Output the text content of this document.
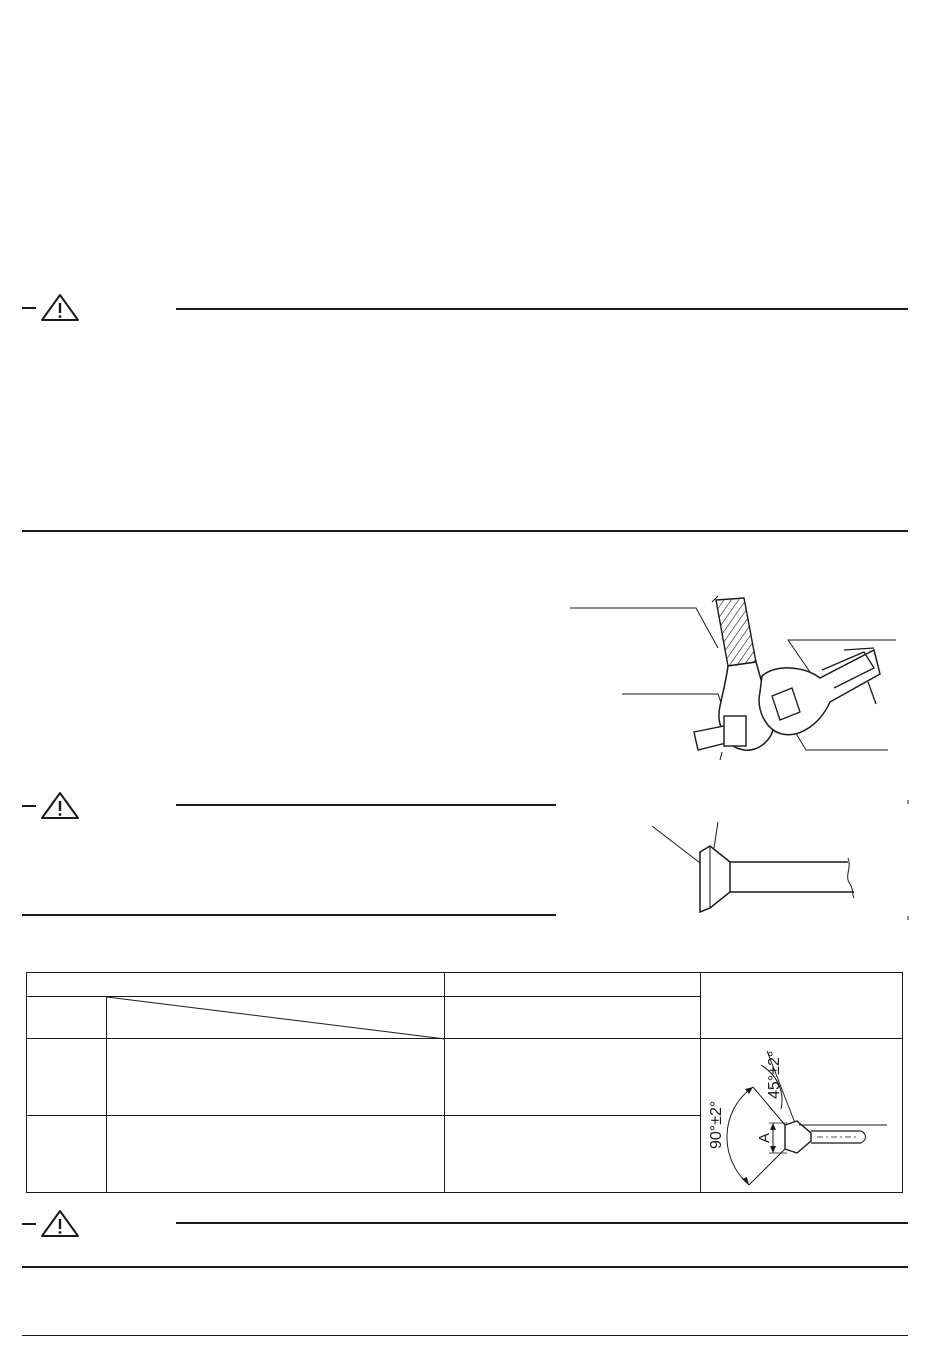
90°±2°
45°±2°
A
